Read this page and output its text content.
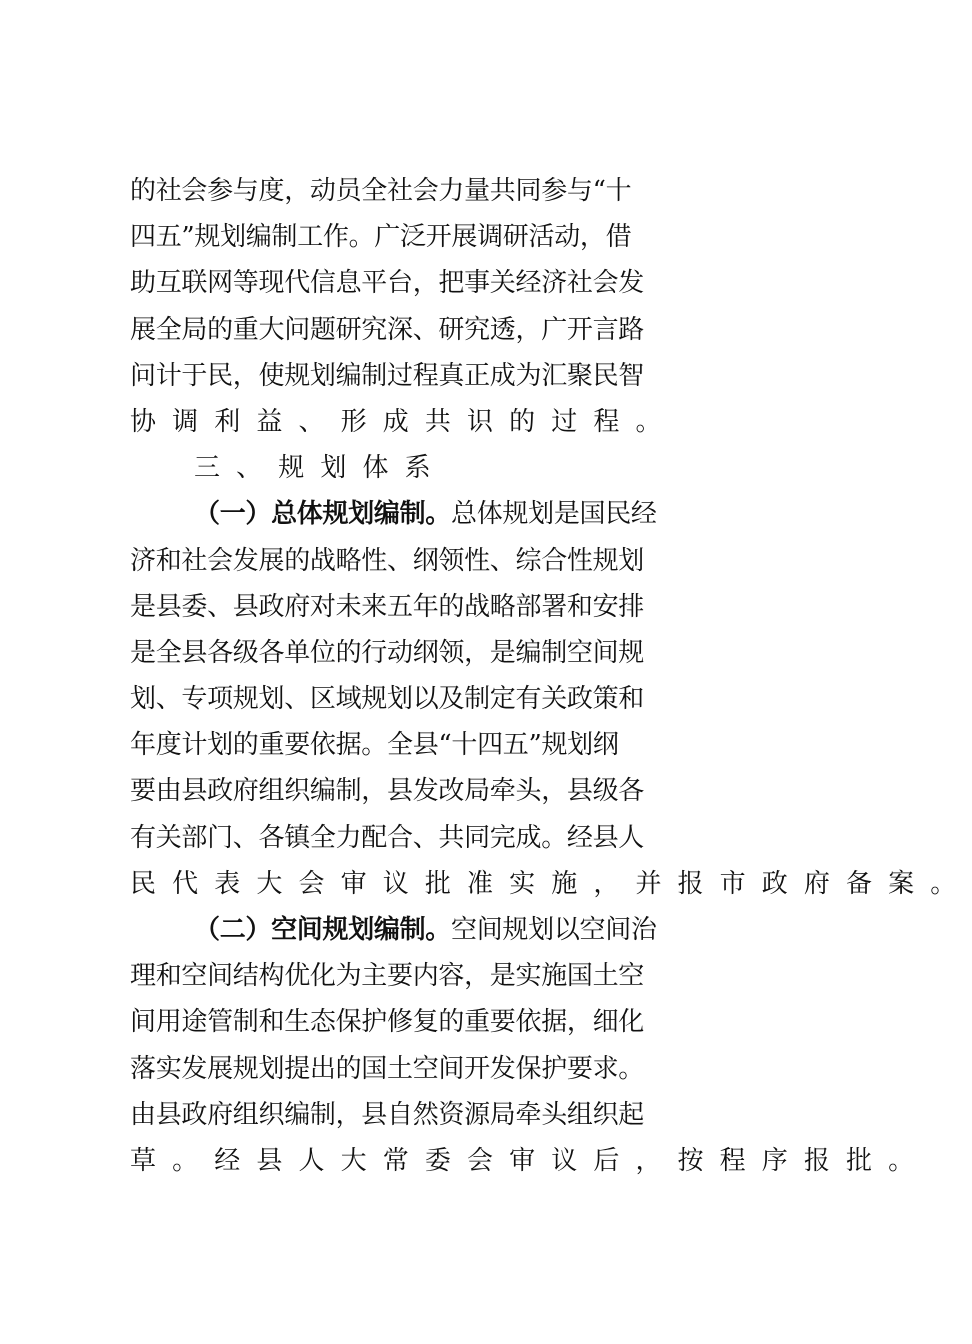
的社会参与度，动员全社会力量共同参与“十
四五”规划编制工作。广泛开展调研活动，借
助互联网等现代信息平台，把事关经济社会发
展全局的重大问题研究深、研究透，广开言路
问计于民，使规划编制过程真正成为汇聚民智
协调利益、形成共识的过程。
三、规划体系
（一）总体规划编制。总体规划是国民经
济和社会发展的战略性、纲领性、综合性规划
是县委、县政府对未来五年的战略部署和安排
是全县各级各单位的行动纲领，是编制空间规
划、专项规划、区域规划以及制定有关政策和
年度计划的重要依据。全县“十四五”规划纲
要由县政府组织编制，县发改局牵头，县级各
有关部门、各镇全力配合、共同完成。经县人
民代表大会审议批准实施，并报市政府备案。
（二）空间规划编制。空间规划以空间治
理和空间结构优化为主要内容，是实施国土空
间用途管制和生态保护修复的重要依据，细化
落实发展规划提出的国土空间开发保护要求。
由县政府组织编制，县自然资源局牵头组织起
草。经县人大常委会审议后，按程序报批。
